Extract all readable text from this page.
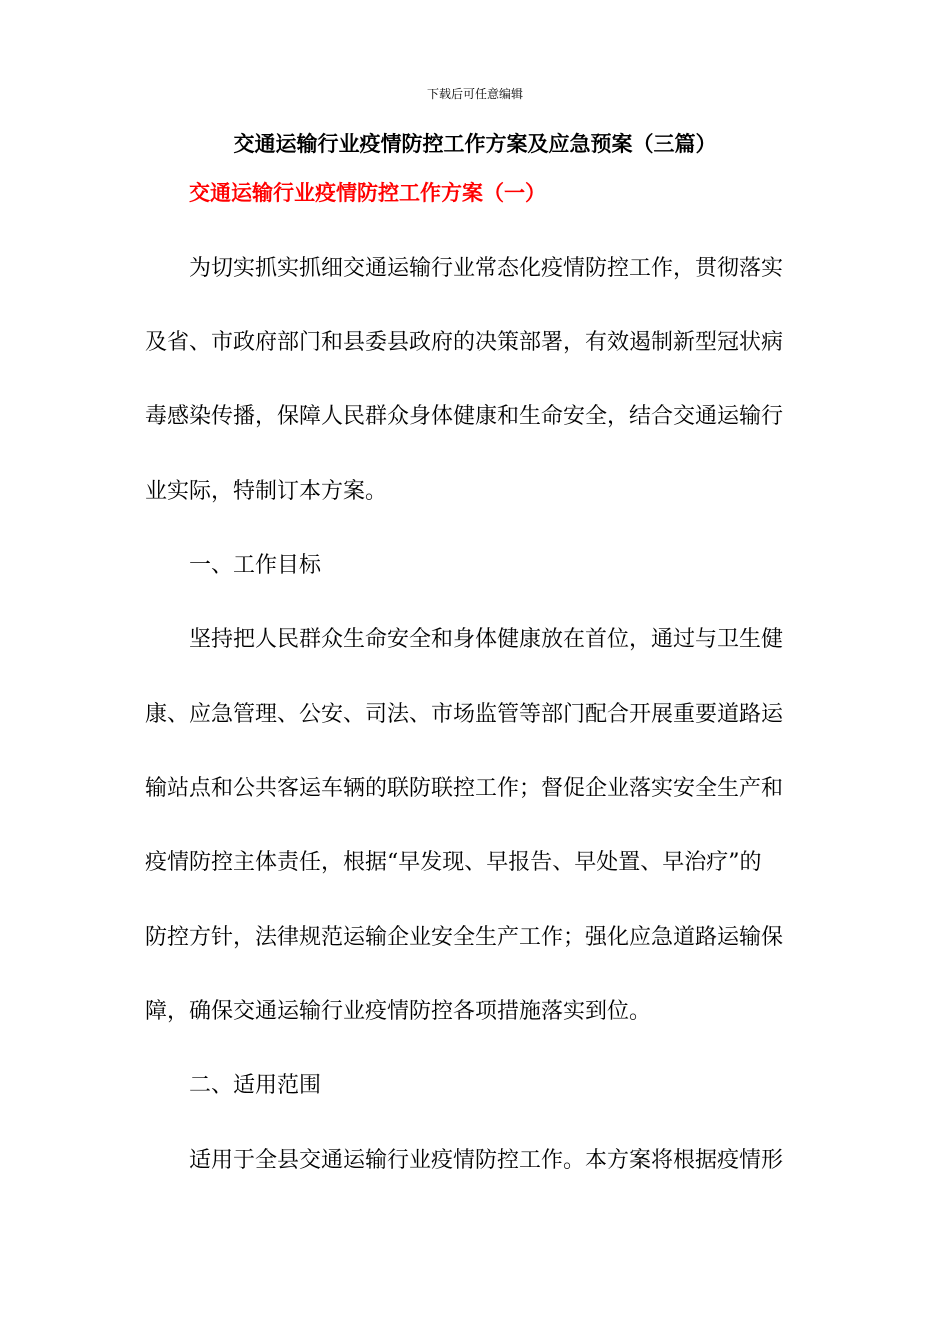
下载后可任意编辑
交通运输行业疫情防控工作方案及应急预案（三篇）
交通运输行业疫情防控工作方案（一）
为切实抓实抓细交通运输行业常态化疫情防控工作，贯彻落实
及省、市政府部门和县委县政府的决策部署，有效遏制新型冠状病
毒感染传播，保障人民群众身体健康和生命安全，结合交通运输行
业实际，特制订本方案。
一、工作目标
坚持把人民群众生命安全和身体健康放在首位，通过与卫生健
康、应急管理、公安、司法、市场监管等部门配合开展重要道路运
输站点和公共客运车辆的联防联控工作；督促企业落实安全生产和
疫情防控主体责任，根据“早发现、早报告、早处置、早治疗”的
防控方针，法律规范运输企业安全生产工作；强化应急道路运输保
障，确保交通运输行业疫情防控各项措施落实到位。
二、适用范围
适用于全县交通运输行业疫情防控工作。本方案将根据疫情形
